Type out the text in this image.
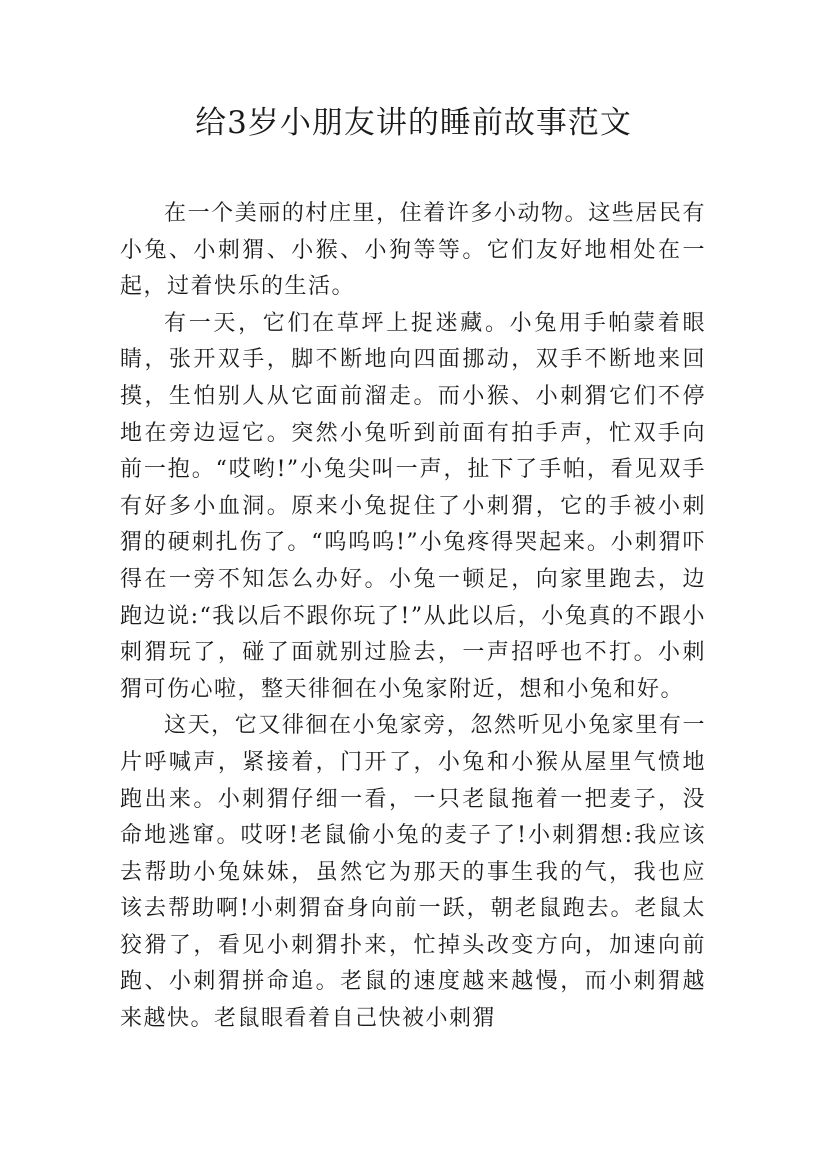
给3岁小朋友讲的睡前故事范文

在一个美丽的村庄里，住着许多小动物。这些居民有小兔、小刺猬、小猴、小狗等等。它们友好地相处在一起，过着快乐的生活。

有一天，它们在草坪上捉迷藏。小兔用手帕蒙着眼睛，张开双手，脚不断地向四面挪动，双手不断地来回摸，生怕别人从它面前溜走。而小猴、小刺猬它们不停地在旁边逗它。突然小兔听到前面有拍手声，忙双手向前一抱。“哎哟!”小兔尖叫一声，扯下了手帕，看见双手有好多小血洞。原来小兔捉住了小刺猬，它的手被小刺猬的硬刺扎伤了。“呜呜呜!”小兔疼得哭起来。小刺猬吓得在一旁不知怎么办好。小兔一顿足，向家里跑去，边跑边说:“我以后不跟你玩了!”从此以后，小兔真的不跟小刺猬玩了，碰了面就别过脸去，一声招呼也不打。小刺猬可伤心啦，整天徘徊在小兔家附近，想和小兔和好。

这天，它又徘徊在小兔家旁，忽然听见小兔家里有一片呼喊声，紧接着，门开了，小兔和小猴从屋里气愤地跑出来。小刺猬仔细一看，一只老鼠拖着一把麦子，没命地逃窜。哎呀!老鼠偷小兔的麦子了!小刺猬想:我应该去帮助小兔妹妹，虽然它为那天的事生我的气，我也应该去帮助啊!小刺猬奋身向前一跃，朝老鼠跑去。老鼠太狡猾了，看见小刺猬扑来，忙掉头改变方向，加速向前跑、小刺猬拼命追。老鼠的速度越来越慢，而小刺猬越来越快。老鼠眼看着自己快被小刺猬
